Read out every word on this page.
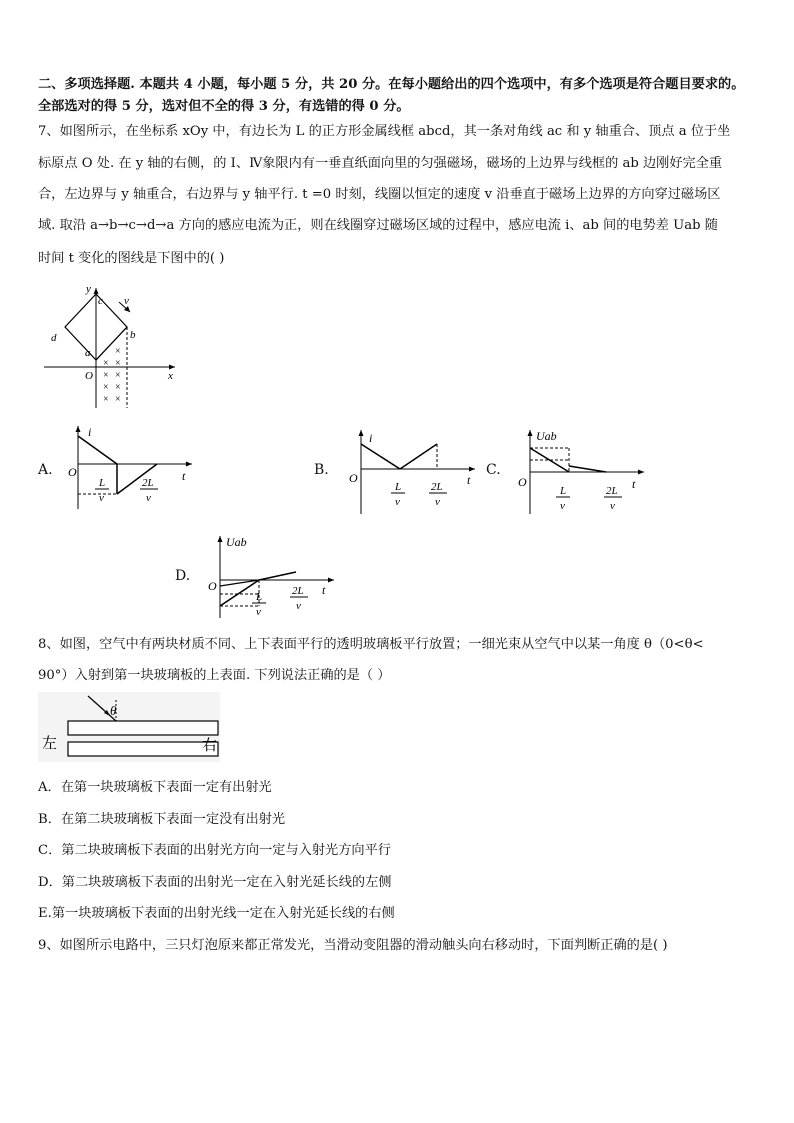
二、多项选择题. 本题共 4 小题，每小题 5 分，共 20 分。在每小题给出的四个选项中，有多个选项是符合题目要求的。
全部选对的得 5 分，选对但不全的得 3 分，有选错的得 0 分。
7、如图所示，在坐标系 xOy 中，有边长为 L 的正方形金属线框 abcd，其一条对角线 ac 和 y 轴重合、顶点 a 位于坐
标原点 O 处. 在 y 轴的右侧，的 I、Ⅳ象限内有一垂直纸面向里的匀强磁场，磁场的上边界与线框的 ab 边刚好完全重
合，左边界与 y 轴重合，右边界与 y 轴平行. t =0 时刻，线圈以恒定的速度 v 沿垂直于磁场上边界的方向穿过磁场区
域. 取沿 a→b→c→d→a 方向的感应电流为正，则在线圈穿过磁场区域的过程中，感应电流 i、ab 间的电势差 Uab 随
时间 t 变化的图线是下图中的( )
y
x
c
d	b
a
O
v
×
× ×
× ×
× ×
× ×
A.
i
O	t
L
v
2L
v
B.
i
O	t
L
v
2L
v
C.
Uab
O	t
L
v
2L
v
D.
Uab
O	t
L
v
2L
v
8、如图，空气中有两块材质不同、上下表面平行的透明玻璃板平行放置；一细光束从空气中以某一角度 θ（0<θ<
90°）入射到第一块玻璃板的上表面. 下列说法正确的是（ ）
θ
左	右
A．在第一块玻璃板下表面一定有出射光
B．在第二块玻璃板下表面一定没有出射光
C．第二块玻璃板下表面的出射光方向一定与入射光方向平行
D．第二块玻璃板下表面的出射光一定在入射光延长线的左侧
E.第一块玻璃板下表面的出射光线一定在入射光延长线的右侧
9、如图所示电路中，三只灯泡原来都正常发光，当滑动变阻器的滑动触头向右移动时，下面判断正确的是( )
